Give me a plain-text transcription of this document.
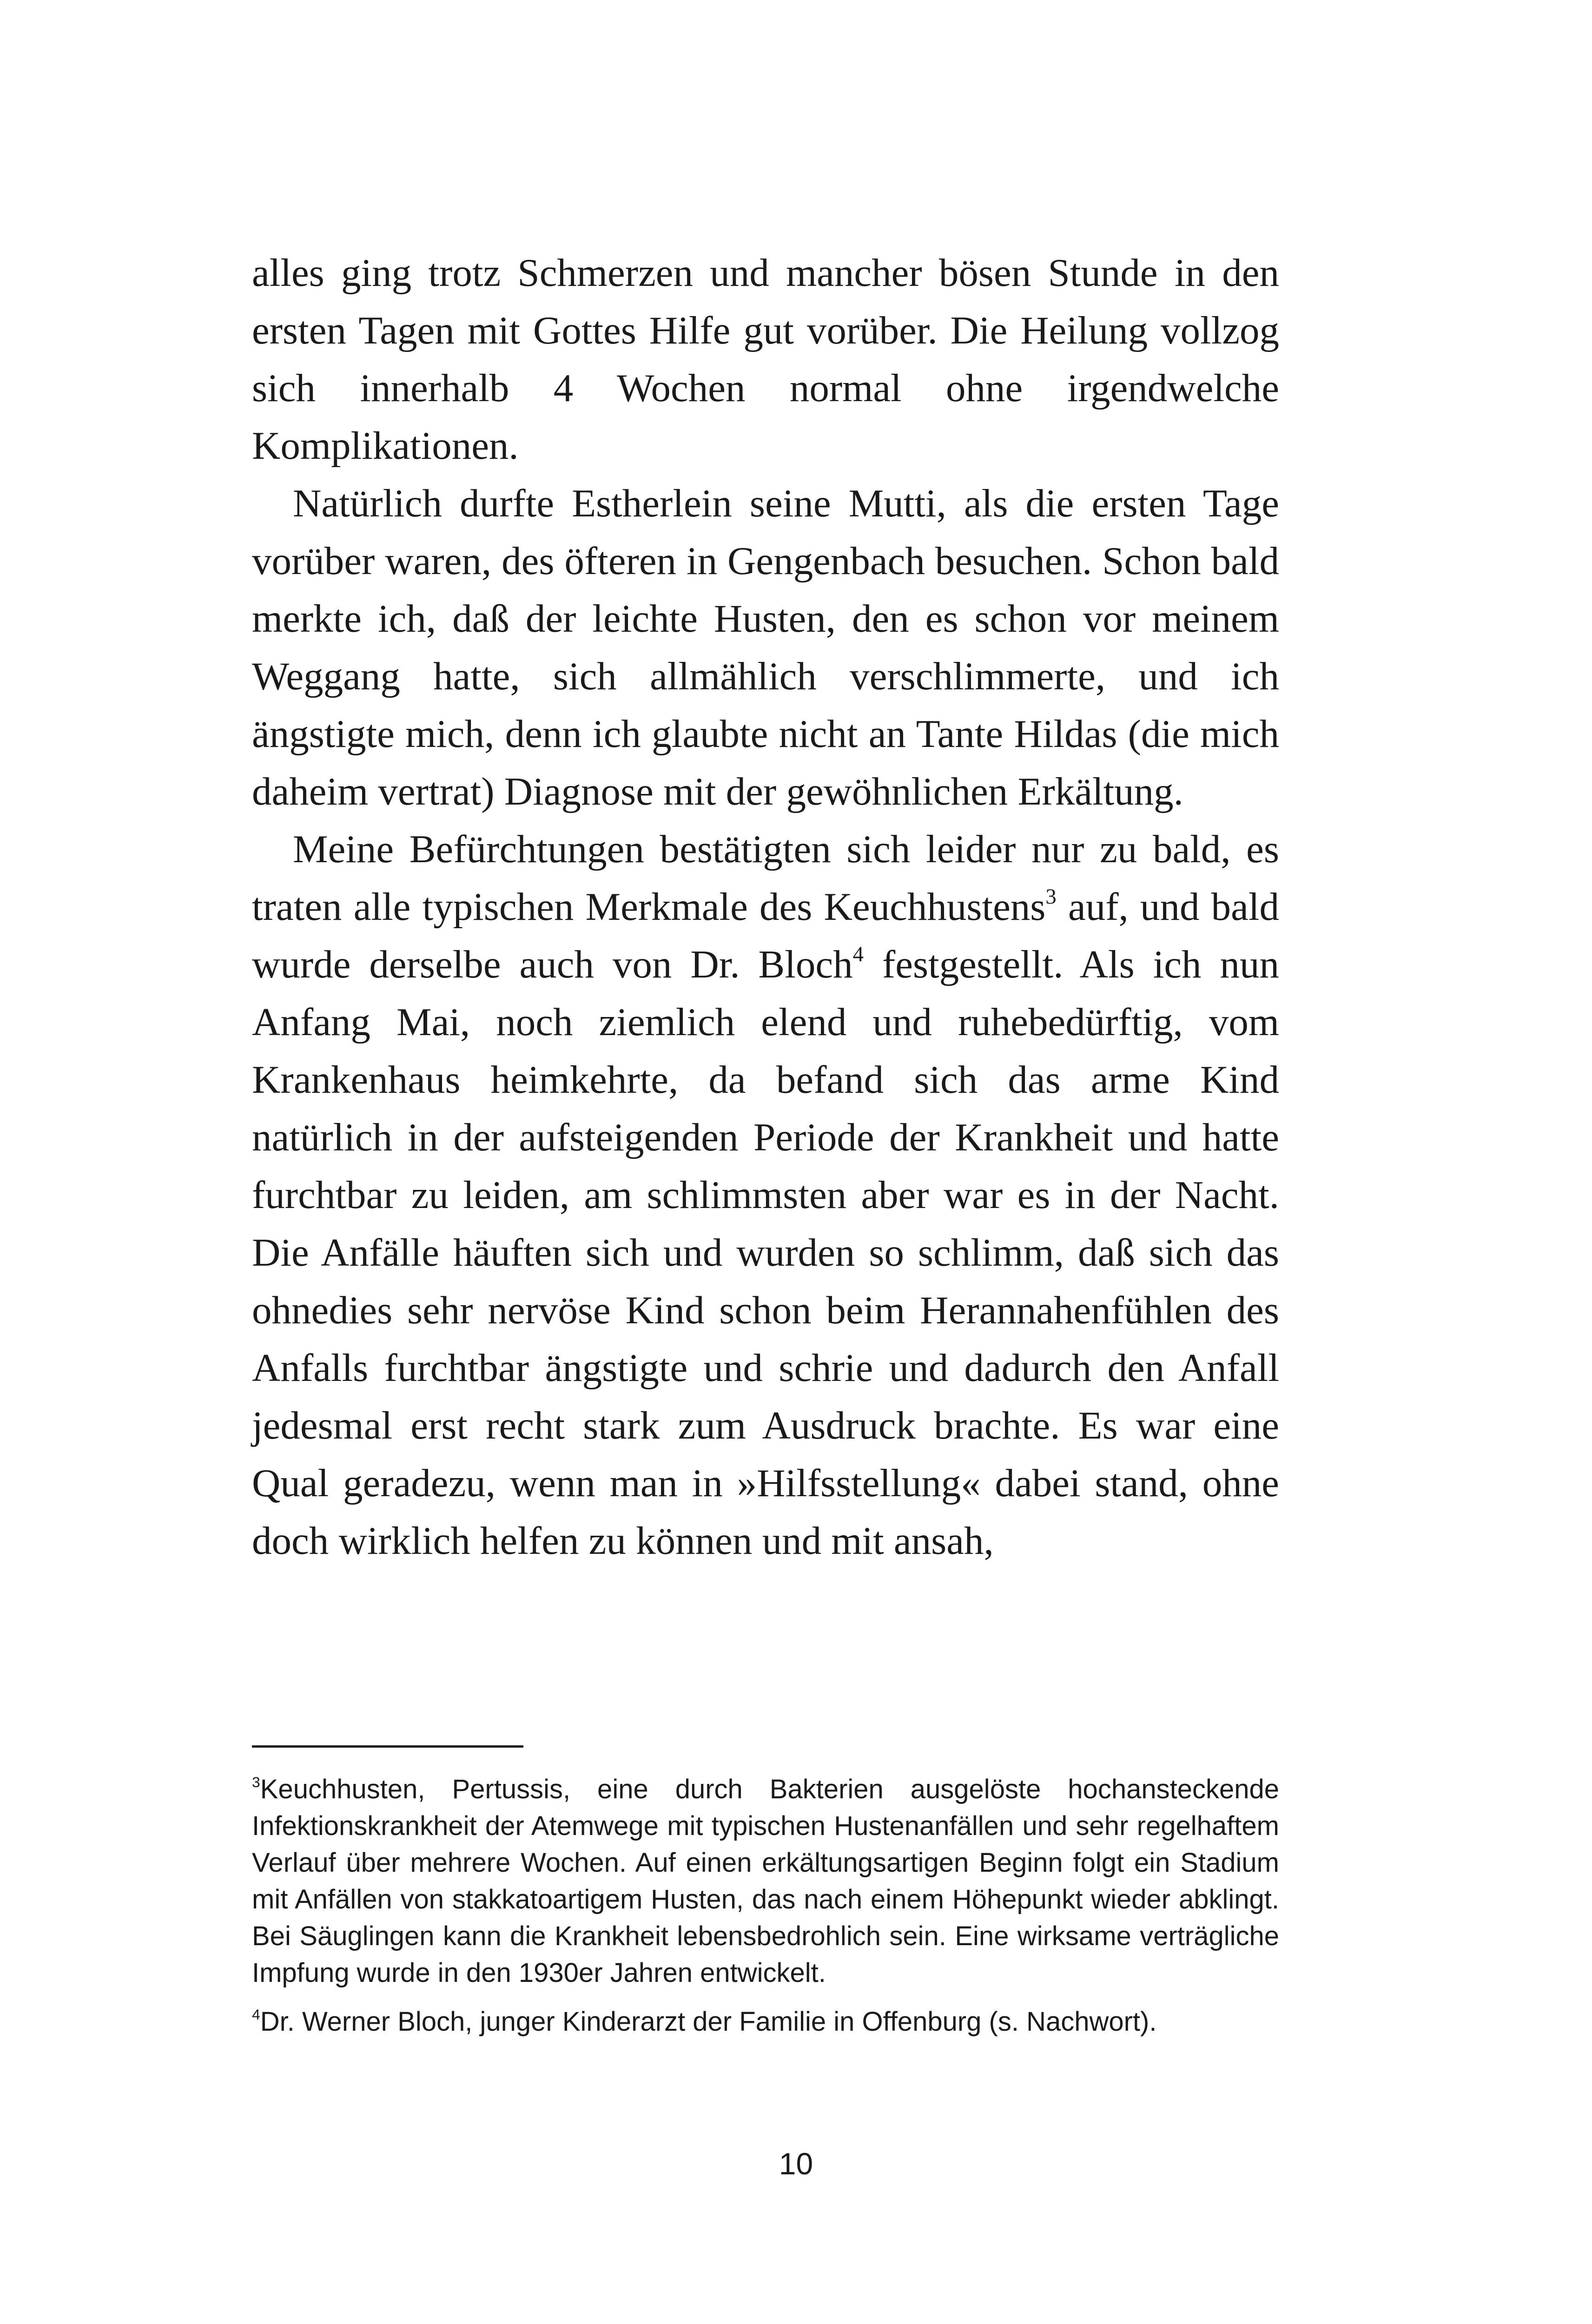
alles ging trotz Schmerzen und mancher bösen Stunde in den ersten Tagen mit Gottes Hilfe gut vorüber. Die Heilung vollzog sich innerhalb 4 Wochen normal ohne irgendwelche Komplikationen.

Natürlich durfte Estherlein seine Mutti, als die ersten Tage vorüber waren, des öfteren in Gengenbach besuchen. Schon bald merkte ich, daß der leichte Husten, den es schon vor meinem Weggang hatte, sich allmählich verschlimmerte, und ich ängstigte mich, denn ich glaubte nicht an Tante Hildas (die mich daheim vertrat) Diagnose mit der gewöhnlichen Erkältung.

Meine Befürchtungen bestätigten sich leider nur zu bald, es traten alle typischen Merkmale des Keuchhustens$^3$ auf, und bald wurde derselbe auch von Dr. Bloch$^4$ festgestellt. Als ich nun Anfang Mai, noch ziemlich elend und ruhebedürftig, vom Krankenhaus heimkehrte, da befand sich das arme Kind natürlich in der aufsteigenden Periode der Krankheit und hatte furchtbar zu leiden, am schlimmsten aber war es in der Nacht. Die Anfälle häuften sich und wurden so schlimm, daß sich das ohnedies sehr nervöse Kind schon beim Herannahenfühlen des Anfalls furchtbar ängstigte und schrie und dadurch den Anfall jedesmal erst recht stark zum Ausdruck brachte. Es war eine Qual geradezu, wenn man in »Hilfsstellung« dabei stand, ohne doch wirklich helfen zu können und mit ansah,

$^3$Keuchhusten, Pertussis, eine durch Bakterien ausgelöste hochansteckende Infektionskrankheit der Atemwege mit typischen Hustenanfällen und sehr regelhaftem Verlauf über mehrere Wochen. Auf einen erkältungsartigen Beginn folgt ein Stadium mit Anfällen von stakkatoartigem Husten, das nach einem Höhepunkt wieder abklingt. Bei Säuglingen kann die Krankheit lebensbedrohlich sein. Eine wirksame verträgliche Impfung wurde in den 1930er Jahren entwickelt.

$^4$Dr. Werner Bloch, junger Kinderarzt der Familie in Offenburg (s. Nachwort).

10
